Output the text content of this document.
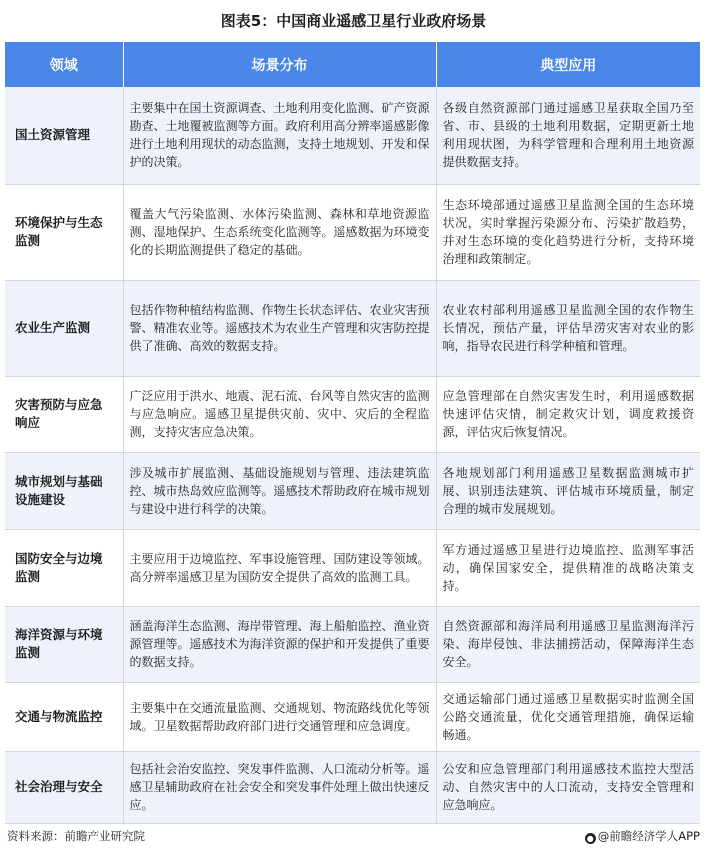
图表5：中国商业遥感卫星行业政府场景
领域	场景分布	典型应用
国土资源管理	主要集中在国土资源调查、土地利用变化监测、矿产资源勘查、土地覆被监测等方面。政府利用高分辨率遥感影像进行土地利用现状的动态监测，支持土地规划、开发和保护的决策。	各级自然资源部门通过遥感卫星获取全国乃至省、市、县级的土地利用数据，定期更新土地利用现状图，为科学管理和合理利用土地资源提供数据支持。
环境保护与生态监测	覆盖大气污染监测、水体污染监测、森林和草地资源监测、湿地保护、生态系统变化监测等。遥感数据为环境变化的长期监测提供了稳定的基础。	生态环境部通过遥感卫星监测全国的生态环境状况，实时掌握污染源分布、污染扩散趋势，并对生态环境的变化趋势进行分析，支持环境治理和政策制定。
农业生产监测	包括作物种植结构监测、作物生长状态评估、农业灾害预警、精准农业等。遥感技术为农业生产管理和灾害防控提供了准确、高效的数据支持。	农业农村部利用遥感卫星监测全国的农作物生长情况，预估产量，评估旱涝灾害对农业的影响，指导农民进行科学种植和管理。
灾害预防与应急响应	广泛应用于洪水、地震、泥石流、台风等自然灾害的监测与应急响应。遥感卫星提供灾前、灾中、灾后的全程监测，支持灾害应急决策。	应急管理部在自然灾害发生时，利用遥感数据快速评估灾情，制定救灾计划，调度救援资源，评估灾后恢复情况。
城市规划与基础设施建设	涉及城市扩展监测、基础设施规划与管理、违法建筑监控、城市热岛效应监测等。遥感技术帮助政府在城市规划与建设中进行科学的决策。	各地规划部门利用遥感卫星数据监测城市扩展、识别违法建筑、评估城市环境质量，制定合理的城市发展规划。
国防安全与边境监测	主要应用于边境监控、军事设施管理、国防建设等领域。高分辨率遥感卫星为国防安全提供了高效的监测工具。	军方通过遥感卫星进行边境监控、监测军事活动，确保国家安全，提供精准的战略决策支持。
海洋资源与环境监测	涵盖海洋生态监测、海岸带管理、海上船舶监控、渔业资源管理等。遥感技术为海洋资源的保护和开发提供了重要的数据支持。	自然资源部和海洋局利用遥感卫星监测海洋污染、海岸侵蚀、非法捕捞活动，保障海洋生态安全。
交通与物流监控	主要集中在交通流量监测、交通规划、物流路线优化等领域。卫星数据帮助政府部门进行交通管理和应急调度。	交通运输部门通过遥感卫星数据实时监测全国公路交通流量，优化交通管理措施，确保运输畅通。
社会治理与安全	包括社会治安监控、突发事件监测、人口流动分析等。遥感卫星辅助政府在社会安全和突发事件处理上做出快速反应。	公安和应急管理部门利用遥感技术监控大型活动、自然灾害中的人口流动，支持安全管理和应急响应。
资料来源：前瞻产业研究院	● @前瞻经济学人APP
